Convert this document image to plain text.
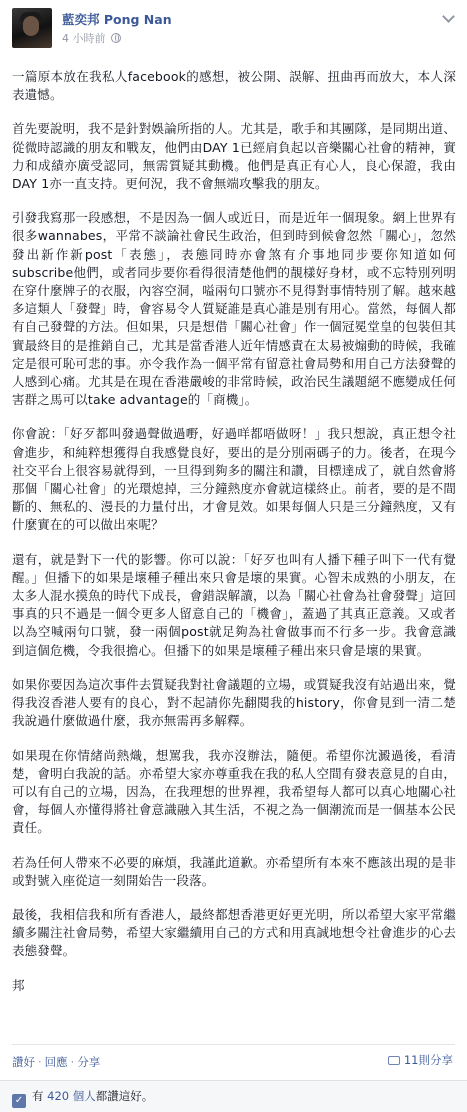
藍奕邦 Pong Nan
4 小時前

一篇原本放在我私人facebook的感想，被公開、誤解、扭曲再而放大，本人深表遺憾。

首先要說明，我不是針對娛論所指的人。尤其是，歌手和其團隊，是同期出道、從微時認識的朋友和戰友，他們由DAY 1已經肩負起以音樂關心社會的精神，實力和成績亦廣受認同，無需質疑其動機。他們是真正有心人，良心保證，我由DAY 1亦一直支持。更何況，我不會無端攻擊我的朋友。

引發我寫那一段感想，不是因為一個人或近日，而是近年一個現象。網上世界有很多wannabes，平常不談論社會民生政治，但到時到候會忽然「關心」，忽然發出新作新post「表態」，表態同時亦會煞有介事地同步要你知道如何subscribe他們，或者同步要你看得很清楚他們的靚樣好身材，或不忘特別列明在穿什麼牌子的衣服，內容空洞，嗌兩句口號亦不見得對事情特別了解。越來越多這類人「發聲」時，會容易令人質疑誰是真心誰是別有用心。當然，每個人都有自己發聲的方法。但如果，只是想借「關心社會」作一個冠冕堂皇的包裝但其實最終目的是推銷自己，尤其是當香港人近年情感責在太易被煽動的時候，我確定是很可恥可悲的事。亦令我作為一個平常有留意社會局勢和用自己方法發聲的人感到心痛。尤其是在現在香港嚴峻的非常時候，政治民生議題絕不應變成任何害群之馬可以take advantage的「商機」。

你會說：「好歹都叫發過聲做過嘢，好過咩都唔做呀！」我只想說，真正想令社會進步，和純粹想獲得自我感覺良好，要出的是分別兩碼子的力。後者，在現今社交平台上很容易就得到，一旦得到夠多的關注和讚，目標達成了，就自然會將那個「關心社會」的光環熄掉，三分鐘熱度亦會就這樣終止。前者，要的是不間斷的、無私的、漫長的力量付出，才會見效。如果每個人只是三分鐘熱度，又有什麼實在的可以做出來呢？

還有，就是對下一代的影響。你可以說：「好歹也叫有人播下種子叫下一代有覺醒。」但播下的如果是壞種子種出來只會是壞的果實。心智未成熟的小朋友，在太多人混水摸魚的時代下成長，會錯誤解讀，以為「關心社會為社會發聲」這回事真的只不過是一個令更多人留意自己的「機會」，蓋過了其真正意義。又或者以為空喊兩句口號，發一兩個post就足夠為社會做事而不行多一步。我會意識到這個危機，令我很擔心。但播下的如果是壞種子種出來只會是壞的果實。

如果你要因為這次事件去質疑我對社會議題的立場，或質疑我沒有站過出來，覺得我沒香港人要有的良心，對不起請你先翻閱我的history，你會見到一清二楚我說過什麼做過什麼，我亦無需再多解釋。

如果現在你情緒尚熱熾，想罵我，我亦沒辦法，隨便。希望你沈澱過後，看清楚，會明白我說的話。亦希望大家亦尊重我在我的私人空間有發表意見的自由，可以有自己的立場，因為，在我理想的世界裡，我希望每人都可以真心地關心社會，每個人亦懂得將社會意識融入其生活，不視之為一個潮流而是一個基本公民責任。

若為任何人帶來不必要的麻煩，我謹此道歉。亦希望所有本來不應該出現的是非或對號入座從這一刻開始告一段落。

最後，我相信我和所有香港人，最終都想香港更好更光明，所以希望大家平常繼續多關注社會局勢，希望大家繼續用自己的方式和用真誠地想令社會進步的心去表態發聲。

邦

讚好 · 回應 · 分享	11則分享
✓ 有 420 個人都讚這好。
